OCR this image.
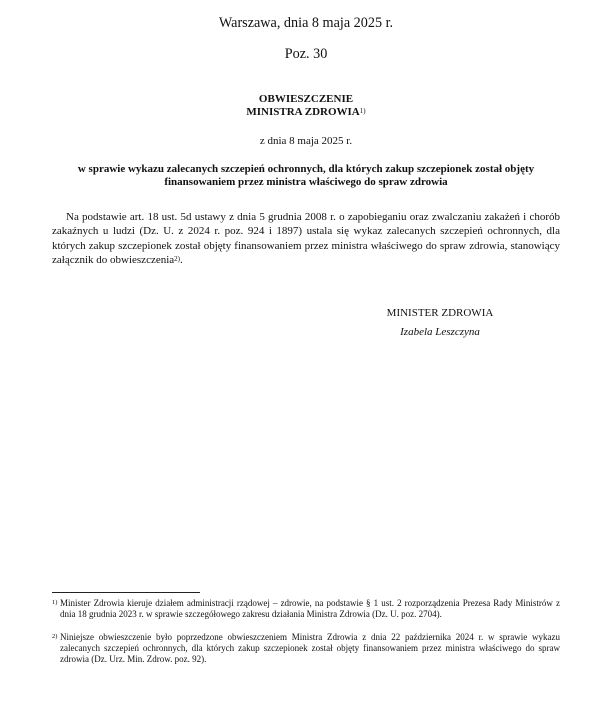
Warszawa, dnia 8 maja 2025 r.
Poz. 30
OBWIESZCZENIE
MINISTRA ZDROWIA$^{1)}$
z dnia 8 maja 2025 r.
w sprawie wykazu zalecanych szczepień ochronnych, dla których zakup szczepionek został objęty finansowaniem przez ministra właściwego do spraw zdrowia
Na podstawie art. 18 ust. 5d ustawy z dnia 5 grudnia 2008 r. o zapobieganiu oraz zwalczaniu zakażeń i chorób zakaźnych u ludzi (Dz. U. z 2024 r. poz. 924 i 1897) ustala się wykaz zalecanych szczepień ochronnych, dla których zakup szczepionek został objęty finansowaniem przez ministra właściwego do spraw zdrowia, stanowiący załącznik do obwieszczenia$^{2)}$.
MINISTER ZDROWIA
Izabela Leszczyna
1) Minister Zdrowia kieruje działem administracji rządowej – zdrowie, na podstawie § 1 ust. 2 rozporządzenia Prezesa Rady Ministrów z dnia 18 grudnia 2023 r. w sprawie szczegółowego zakresu działania Ministra Zdrowia (Dz. U. poz. 2704).
2) Niniejsze obwieszczenie było poprzedzone obwieszczeniem Ministra Zdrowia z dnia 22 października 2024 r. w sprawie wykazu zalecanych szczepień ochronnych, dla których zakup szczepionek został objęty finansowaniem przez ministra właściwego do spraw zdrowia (Dz. Urz. Min. Zdrow. poz. 92).
